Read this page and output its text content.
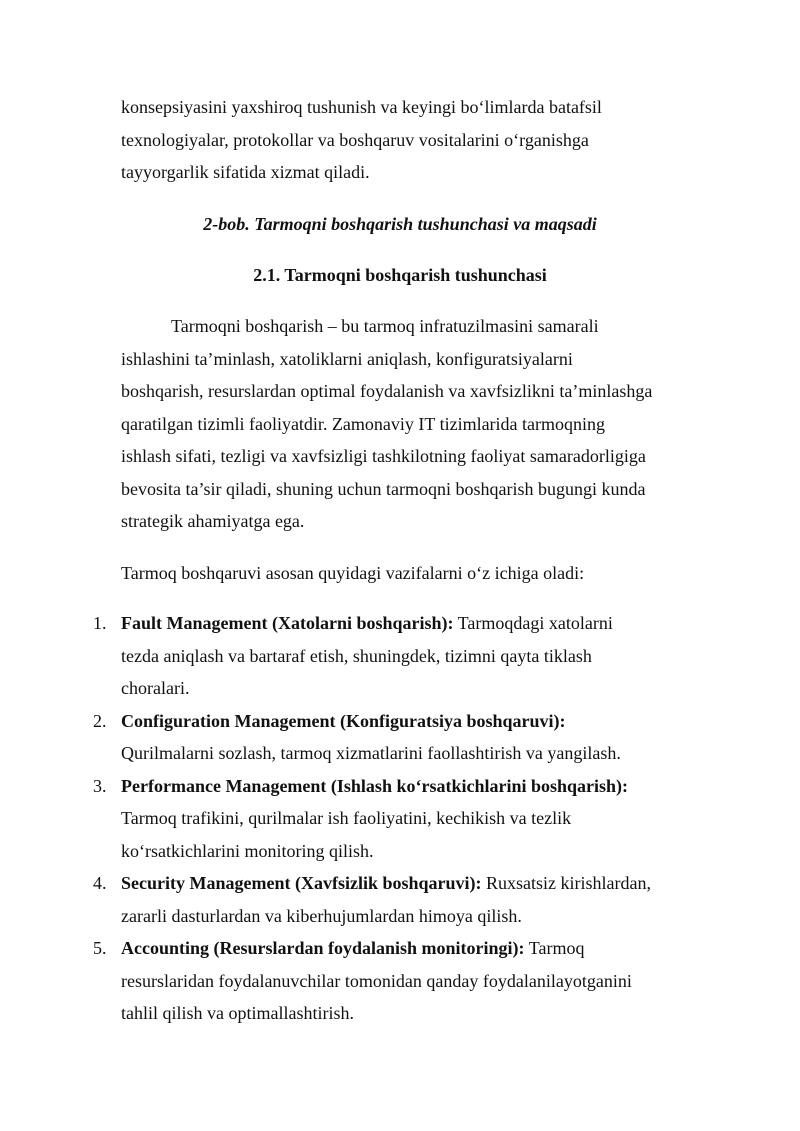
konsepsiyasini yaxshiroq tushunish va keyingi bo‘limlarda batafsil
texnologiyalar, protokollar va boshqaruv vositalarini o‘rganishga
tayyorgarlik sifatida xizmat qiladi.
2-bob. Tarmoqni boshqarish tushunchasi va maqsadi
2.1. Tarmoqni boshqarish tushunchasi
Tarmoqni boshqarish – bu tarmoq infratuzilmasini samarali
ishlashini ta’minlash, xatoliklarni aniqlash, konfiguratsiyalarni
boshqarish, resurslardan optimal foydalanish va xavfsizlikni ta’minlashga
qaratilgan tizimli faoliyatdir. Zamonaviy IT tizimlarida tarmoqning
ishlash sifati, tezligi va xavfsizligi tashkilotning faoliyat samaradorligiga
bevosita ta’sir qiladi, shuning uchun tarmoqni boshqarish bugungi kunda
strategik ahamiyatga ega.
Tarmoq boshqaruvi asosan quyidagi vazifalarni o‘z ichiga oladi:
1. Fault Management (Xatolarni boshqarish): Tarmoqdagi xatolarni
tezda aniqlash va bartaraf etish, shuningdek, tizimni qayta tiklash
choralari.
2. Configuration Management (Konfiguratsiya boshqaruvi):
Qurilmalarni sozlash, tarmoq xizmatlarini faollashtirish va yangilash.
3. Performance Management (Ishlash ko‘rsatkichlarini boshqarish):
Tarmoq trafikini, qurilmalar ish faoliyatini, kechikish va tezlik
ko‘rsatkichlarini monitoring qilish.
4. Security Management (Xavfsizlik boshqaruvi): Ruxsatsiz kirishlardan,
zararli dasturlardan va kiberhujumlardan himoya qilish.
5. Accounting (Resurslardan foydalanish monitoringi): Tarmoq
resurslaridan foydalanuvchilar tomonidan qanday foydalanilayotganini
tahlil qilish va optimallashtirish.
